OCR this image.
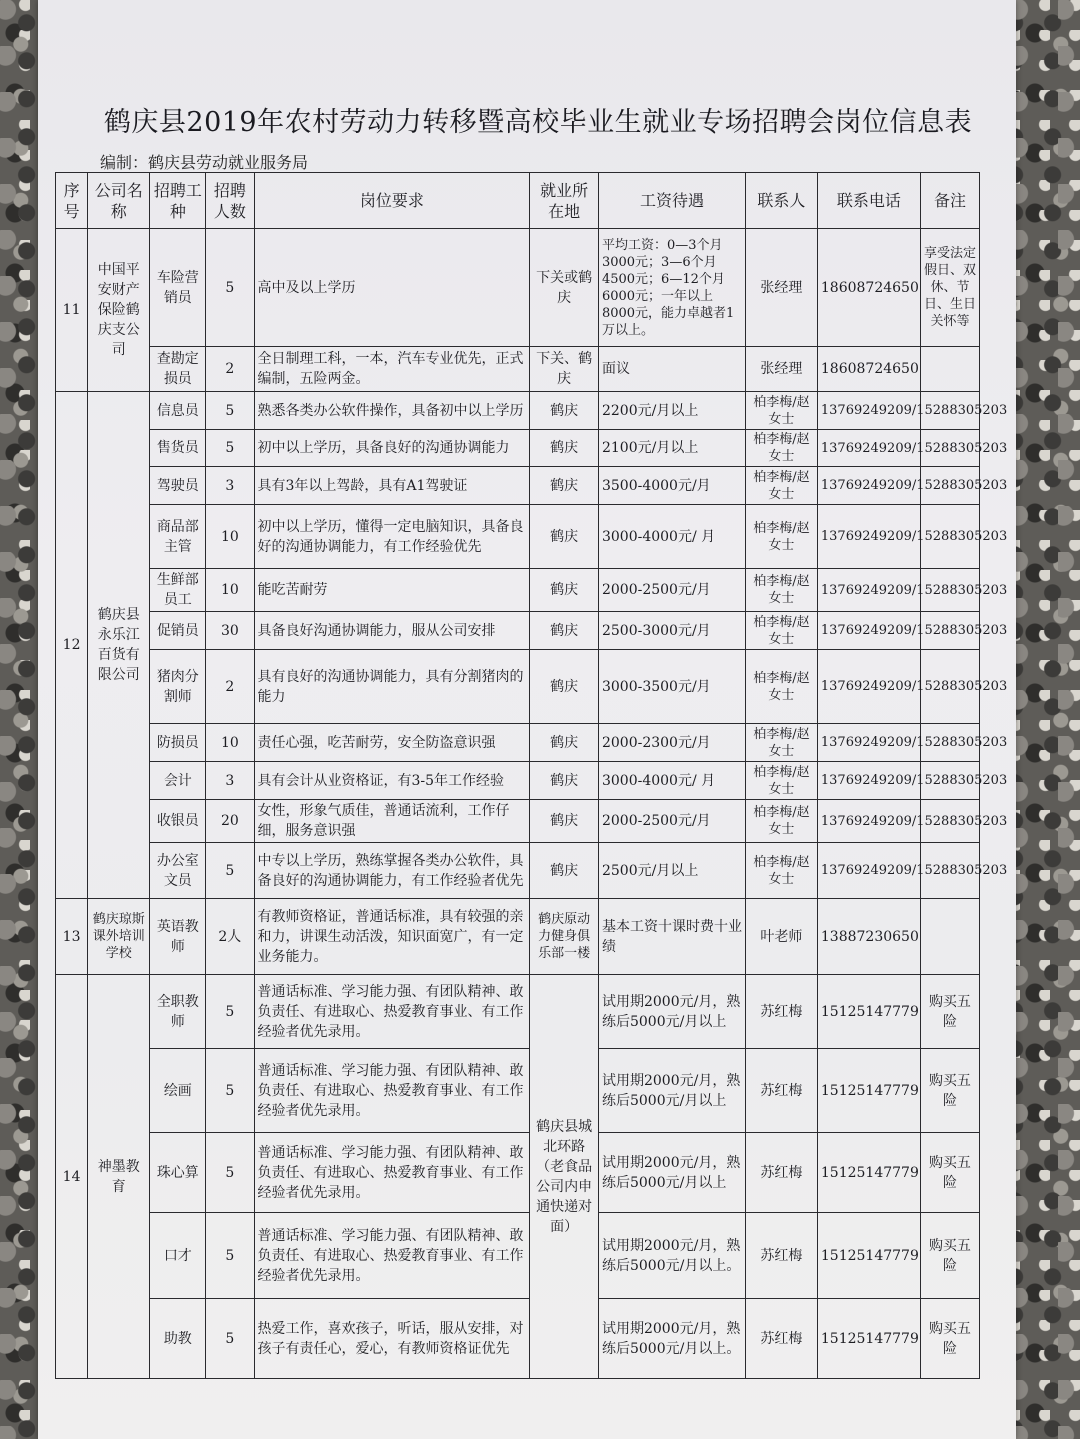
鹤庆县2019年农村劳动力转移暨高校毕业生就业专场招聘会岗位信息表
编制：鹤庆县劳动就业服务局
序号	公司名称	招聘工种	招聘人数	岗位要求	就业所在地	工资待遇	联系人	联系电话	备注
11	中国平安财产保险鹤庆支公司	车险营销员	5	高中及以上学历	下关或鹤庆	平均工资：0—3个月3000元；3—6个月4500元；6—12个月6000元；一年以上8000元，能力卓越者1万以上。	张经理	18608724650	享受法定假日、双休、节日、生日关怀等
		查勘定损员	2	全日制理工科，一本，汽车专业优先，正式编制，五险两金。	下关、鹤庆	面议	张经理	18608724650	
12	鹤庆县永乐江百货有限公司	信息员	5	熟悉各类办公软件操作，具备初中以上学历	鹤庆	2200元/月以上	柏李梅/赵女士	13769249209/15288305203	
		售货员	5	初中以上学历，具备良好的沟通协调能力	鹤庆	2100元/月以上	柏李梅/赵女士	13769249209/15288305203	
		驾驶员	3	具有3年以上驾龄，具有A1驾驶证	鹤庆	3500-4000元/月	柏李梅/赵女士	13769249209/15288305203	
		商品部主管	10	初中以上学历，懂得一定电脑知识，具备良好的沟通协调能力，有工作经验优先	鹤庆	3000-4000元/ 月	柏李梅/赵女士	13769249209/15288305203	
		生鲜部员工	10	能吃苦耐劳	鹤庆	2000-2500元/月	柏李梅/赵女士	13769249209/15288305203	
		促销员	30	具备良好沟通协调能力，服从公司安排	鹤庆	2500-3000元/月	柏李梅/赵女士	13769249209/15288305203	
		猪肉分割师	2	具有良好的沟通协调能力，具有分割猪肉的能力	鹤庆	3000-3500元/月	柏李梅/赵女士	13769249209/15288305203	
		防损员	10	责任心强，吃苦耐劳，安全防盗意识强	鹤庆	2000-2300元/月	柏李梅/赵女士	13769249209/15288305203	
		会计	3	具有会计从业资格证，有3-5年工作经验	鹤庆	3000-4000元/ 月	柏李梅/赵女士	13769249209/15288305203	
		收银员	20	女性，形象气质佳，普通话流利，工作仔细，服务意识强	鹤庆	2000-2500元/月	柏李梅/赵女士	13769249209/15288305203	
		办公室文员	5	中专以上学历，熟练掌握各类办公软件，具备良好的沟通协调能力，有工作经验者优先	鹤庆	2500元/月以上	柏李梅/赵女士	13769249209/15288305203	
13	鹤庆琼斯课外培训学校	英语教师	2人	有教师资格证，普通话标准，具有较强的亲和力，讲课生动活泼，知识面宽广，有一定业务能力。	鹤庆原动力健身俱乐部一楼	基本工资十课时费十业绩	叶老师	13887230650	
14	神墨教育	全职教师	5	普通话标准、学习能力强、有团队精神、敢负责任、有进取心、热爱教育事业、有工作经验者优先录用。	鹤庆县城北环路（老食品公司内申通快递对面）	试用期2000元/月，熟练后5000元/月以上	苏红梅	15125147779	购买五险
		绘画	5	普通话标准、学习能力强、有团队精神、敢负责任、有进取心、热爱教育事业、有工作经验者优先录用。		试用期2000元/月，熟练后5000元/月以上	苏红梅	15125147779	购买五险
		珠心算	5	普通话标准、学习能力强、有团队精神、敢负责任、有进取心、热爱教育事业、有工作经验者优先录用。		试用期2000元/月，熟练后5000元/月以上	苏红梅	15125147779	购买五险
		口才	5	普通话标准、学习能力强、有团队精神、敢负责任、有进取心、热爱教育事业、有工作经验者优先录用。		试用期2000元/月，熟练后5000元/月以上。	苏红梅	15125147779	购买五险
		助教	5	热爱工作，喜欢孩子，听话，服从安排，对孩子有责任心，爱心，有教师资格证优先		试用期2000元/月，熟练后5000元/月以上。	苏红梅	15125147779	购买五险
